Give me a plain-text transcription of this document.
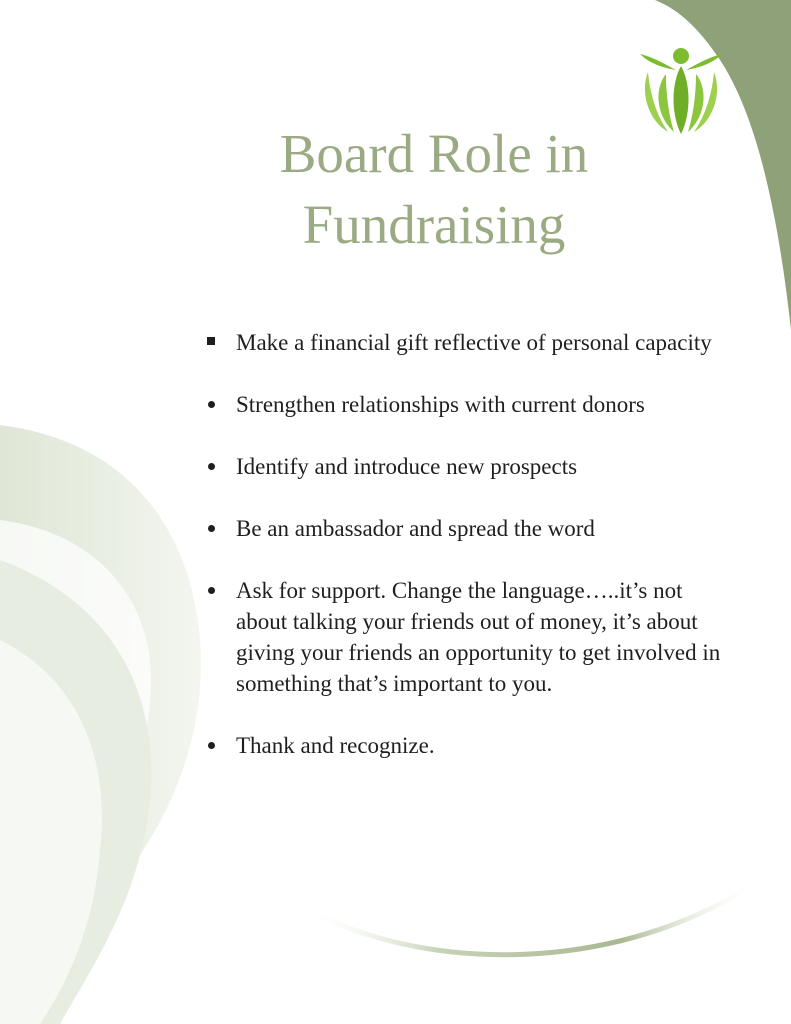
Board Role in
Fundraising
Make a financial gift reflective of personal capacity
Strengthen relationships with current donors
Identify and introduce new prospects
Be an ambassador and spread the word
Ask for support. Change the language…..it’s not about talking your friends out of money, it’s about giving your friends an opportunity to get involved in something that’s important to you.
Thank and recognize.
